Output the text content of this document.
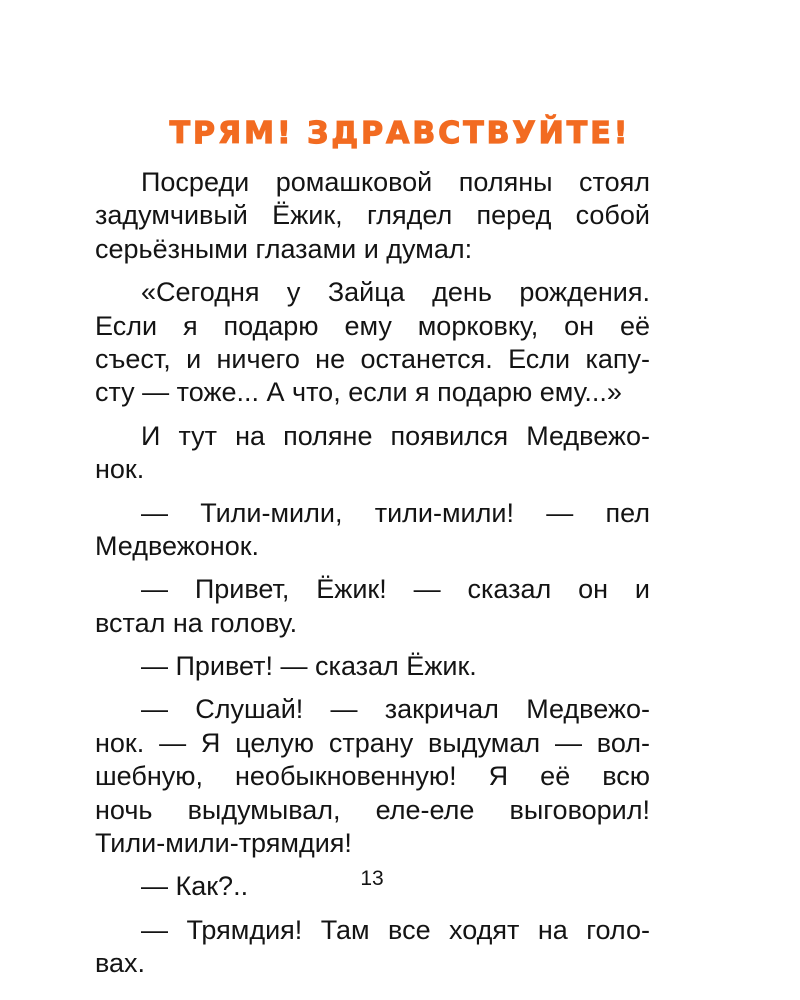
ТРЯМ! ЗДРАВСТВУЙТЕ!
Посреди ромашковой поляны стоял
задумчивый Ёжик, глядел перед собой
серьёзными глазами и думал:
«Сегодня у Зайца день рождения.
Если я подарю ему морковку, он её
съест, и ничего не останется. Если капу-
сту — тоже... А что, если я подарю ему...»
И тут на поляне появился Медвежо-
нок.
— Тили-мили, тили-мили! — пел
Медвежонок.
— Привет, Ёжик! — сказал он и
встал на голову.
— Привет! — сказал Ёжик.
— Слушай! — закричал Медвежо-
нок. — Я целую страну выдумал — вол-
шебную, необыкновенную! Я её всю
ночь выдумывал, еле-еле выговорил!
Тили-мили-трямдия!
— Как?..
— Трямдия! Там все ходят на голо-
вах.
13
